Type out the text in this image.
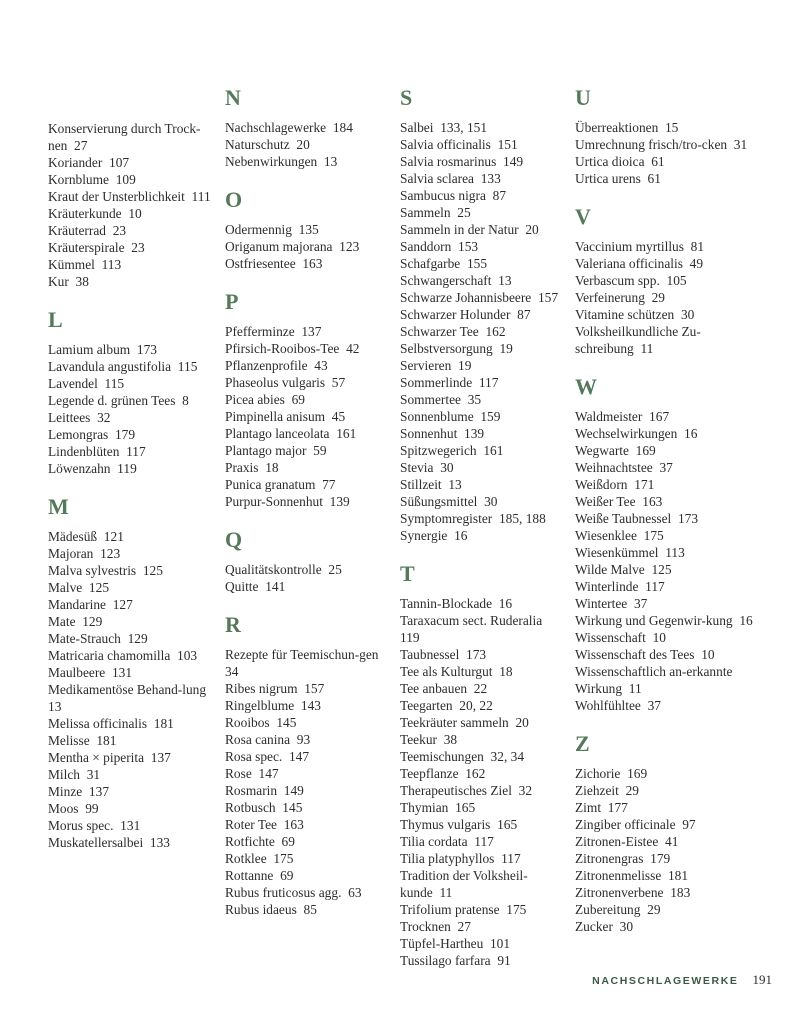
Konservierung durch Trock-nen  27
Koriander  107
Kornblume  109
Kraut der Unsterblichkeit  111
Kräuterkunde  10
Kräuterrad  23
Kräuterspirale  23
Kümmel  113
Kur  38
L
Lamium album  173
Lavandula angustifolia  115
Lavendel  115
Legende d. grünen Tees  8
Leittees  32
Lemongras  179
Lindenblüten  117
Löwenzahn  119
M
Mädesüß  121
Majoran  123
Malva sylvestris  125
Malve  125
Mandarine  127
Mate  129
Mate-Strauch  129
Matricaria chamomilla  103
Maulbeere  131
Medikamentöse Behand-lung 13
Melissa officinalis  181
Melisse  181
Mentha × piperita  137
Milch  31
Minze  137
Moos  99
Morus spec.  131
Muskatellersalbei  133
N
Nachschlagewerke  184
Naturschutz  20
Nebenwirkungen  13
O
Odermennig  135
Origanum majorana  123
Ostfriesentee  163
P
Pfefferminze  137
Pfirsich-Rooibos-Tee  42
Pflanzenprofile  43
Phaseolus vulgaris  57
Picea abies  69
Pimpinella anisum  45
Plantago lanceolata  161
Plantago major  59
Praxis  18
Punica granatum  77
Purpur-Sonnenhut  139
Q
Qualitätskontrolle  25
Quitte  141
R
Rezepte für Teemischun-gen 34
Ribes nigrum  157
Ringelblume  143
Rooibos  145
Rosa canina  93
Rosa spec.  147
Rose  147
Rosmarin  149
Rotbusch  145
Roter Tee  163
Rotfichte  69
Rotklee  175
Rottanne  69
Rubus fruticosus agg.  63
Rubus idaeus  85
S
Salbei  133, 151
Salvia officinalis  151
Salvia rosmarinus  149
Salvia sclarea  133
Sambucus nigra  87
Sammeln  25
Sammeln in der Natur  20
Sanddorn  153
Schafgarbe  155
Schwangerschaft  13
Schwarze Johannisbeere  157
Schwarzer Holunder  87
Schwarzer Tee  162
Selbstversorgung  19
Servieren  19
Sommerlinde  117
Sommertee  35
Sonnenblume  159
Sonnenhut  139
Spitzwegerich  161
Stevia  30
Stillzeit  13
Süßungsmittel  30
Symptomregister  185, 188
Synergie  16
T
Tannin-Blockade  16
Taraxacum sect. Ruderalia 119
Taubnessel  173
Tee als Kulturgut  18
Tee anbauen  22
Teegarten  20, 22
Teekräuter sammeln  20
Teekur  38
Teemischungen  32, 34
Teepflanze  162
Therapeutisches Ziel  32
Thymian  165
Thymus vulgaris  165
Tilia cordata  117
Tilia platyphyllos  117
Tradition der Volksheil-kunde  11
Trifolium pratense  175
Trocknen  27
Tüpfel-Hartheu  101
Tussilago farfara  91
U
Überreaktionen  15
Umrechnung frisch/tro-cken  31
Urtica dioica  61
Urtica urens  61
V
Vaccinium myrtillus  81
Valeriana officinalis  49
Verbascum spp.  105
Verfeinerung  29
Vitamine schützen  30
Volksheilkundliche Zu-schreibung  11
W
Waldmeister  167
Wechselwirkungen  16
Wegwarte  169
Weihnachtstee  37
Weißdorn  171
Weißer Tee  163
Weiße Taubnessel  173
Wiesenklee  175
Wiesenkümmel  113
Wilde Malve  125
Winterlinde  117
Wintertee  37
Wirkung und Gegenwir-kung  16
Wissenschaft  10
Wissenschaft des Tees  10
Wissenschaftlich an-erkannte Wirkung  11
Wohlfühltee  37
Z
Zichorie  169
Ziehzeit  29
Zimt  177
Zingiber officinale  97
Zitronen-Eistee  41
Zitronengras  179
Zitronenmelisse  181
Zitronenverbene  183
Zubereitung  29
Zucker  30
NACHSCHLAGEWERKE 191
